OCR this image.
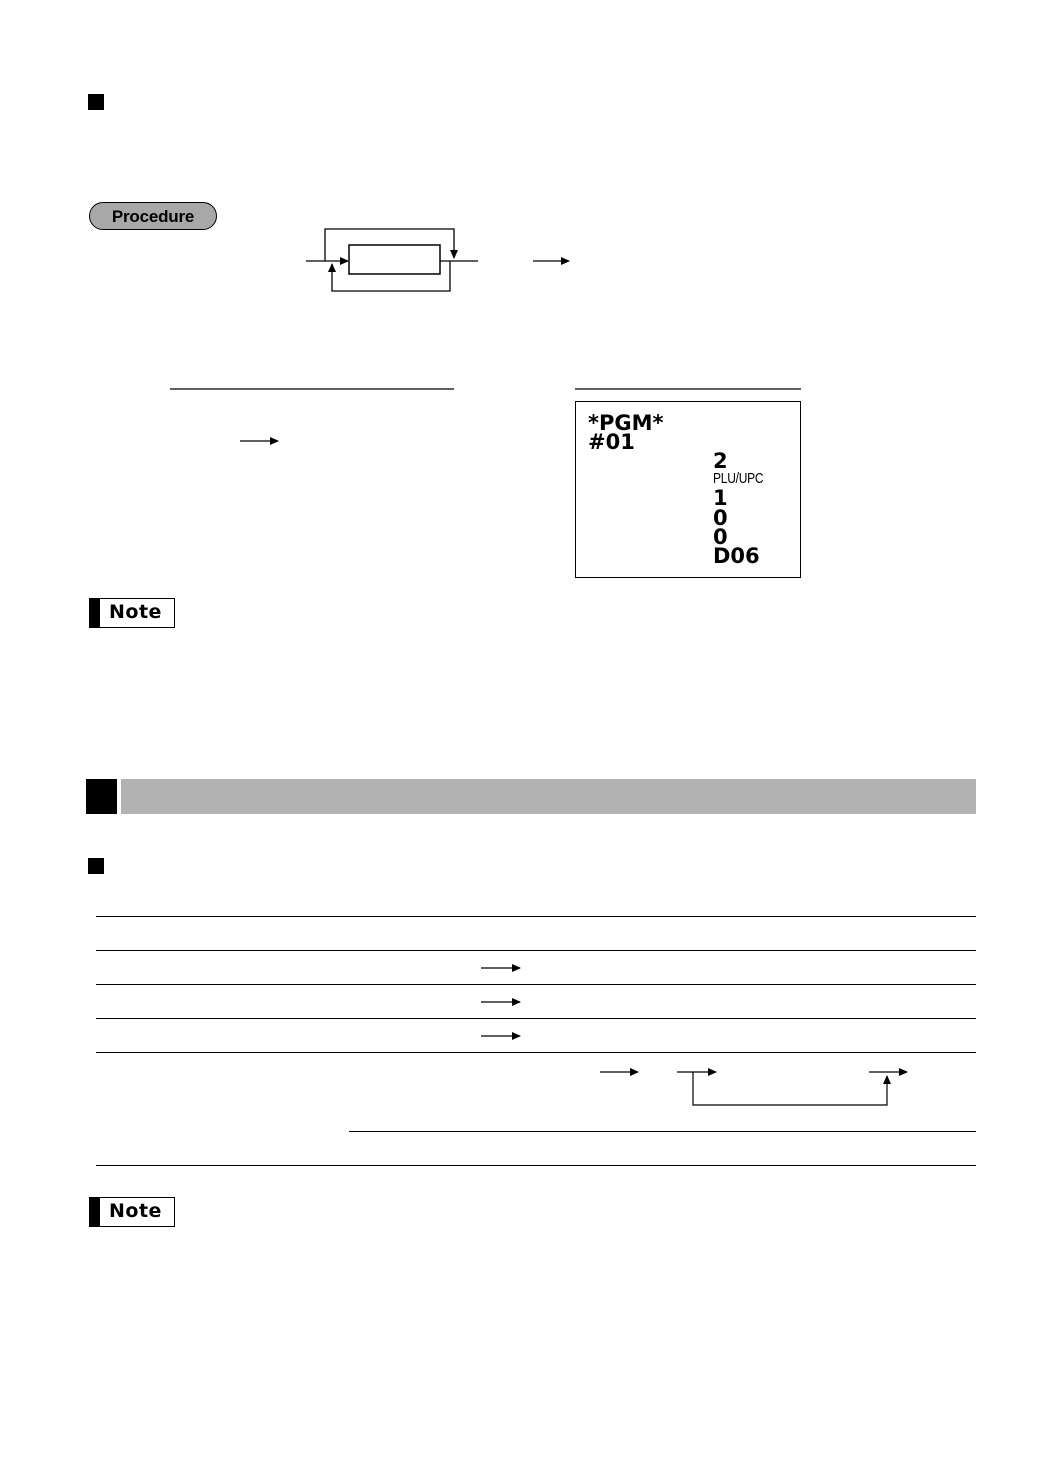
Procedure
*PGM*
#01
2
PLU/UPC
1
0
0
D06
Note
Note
